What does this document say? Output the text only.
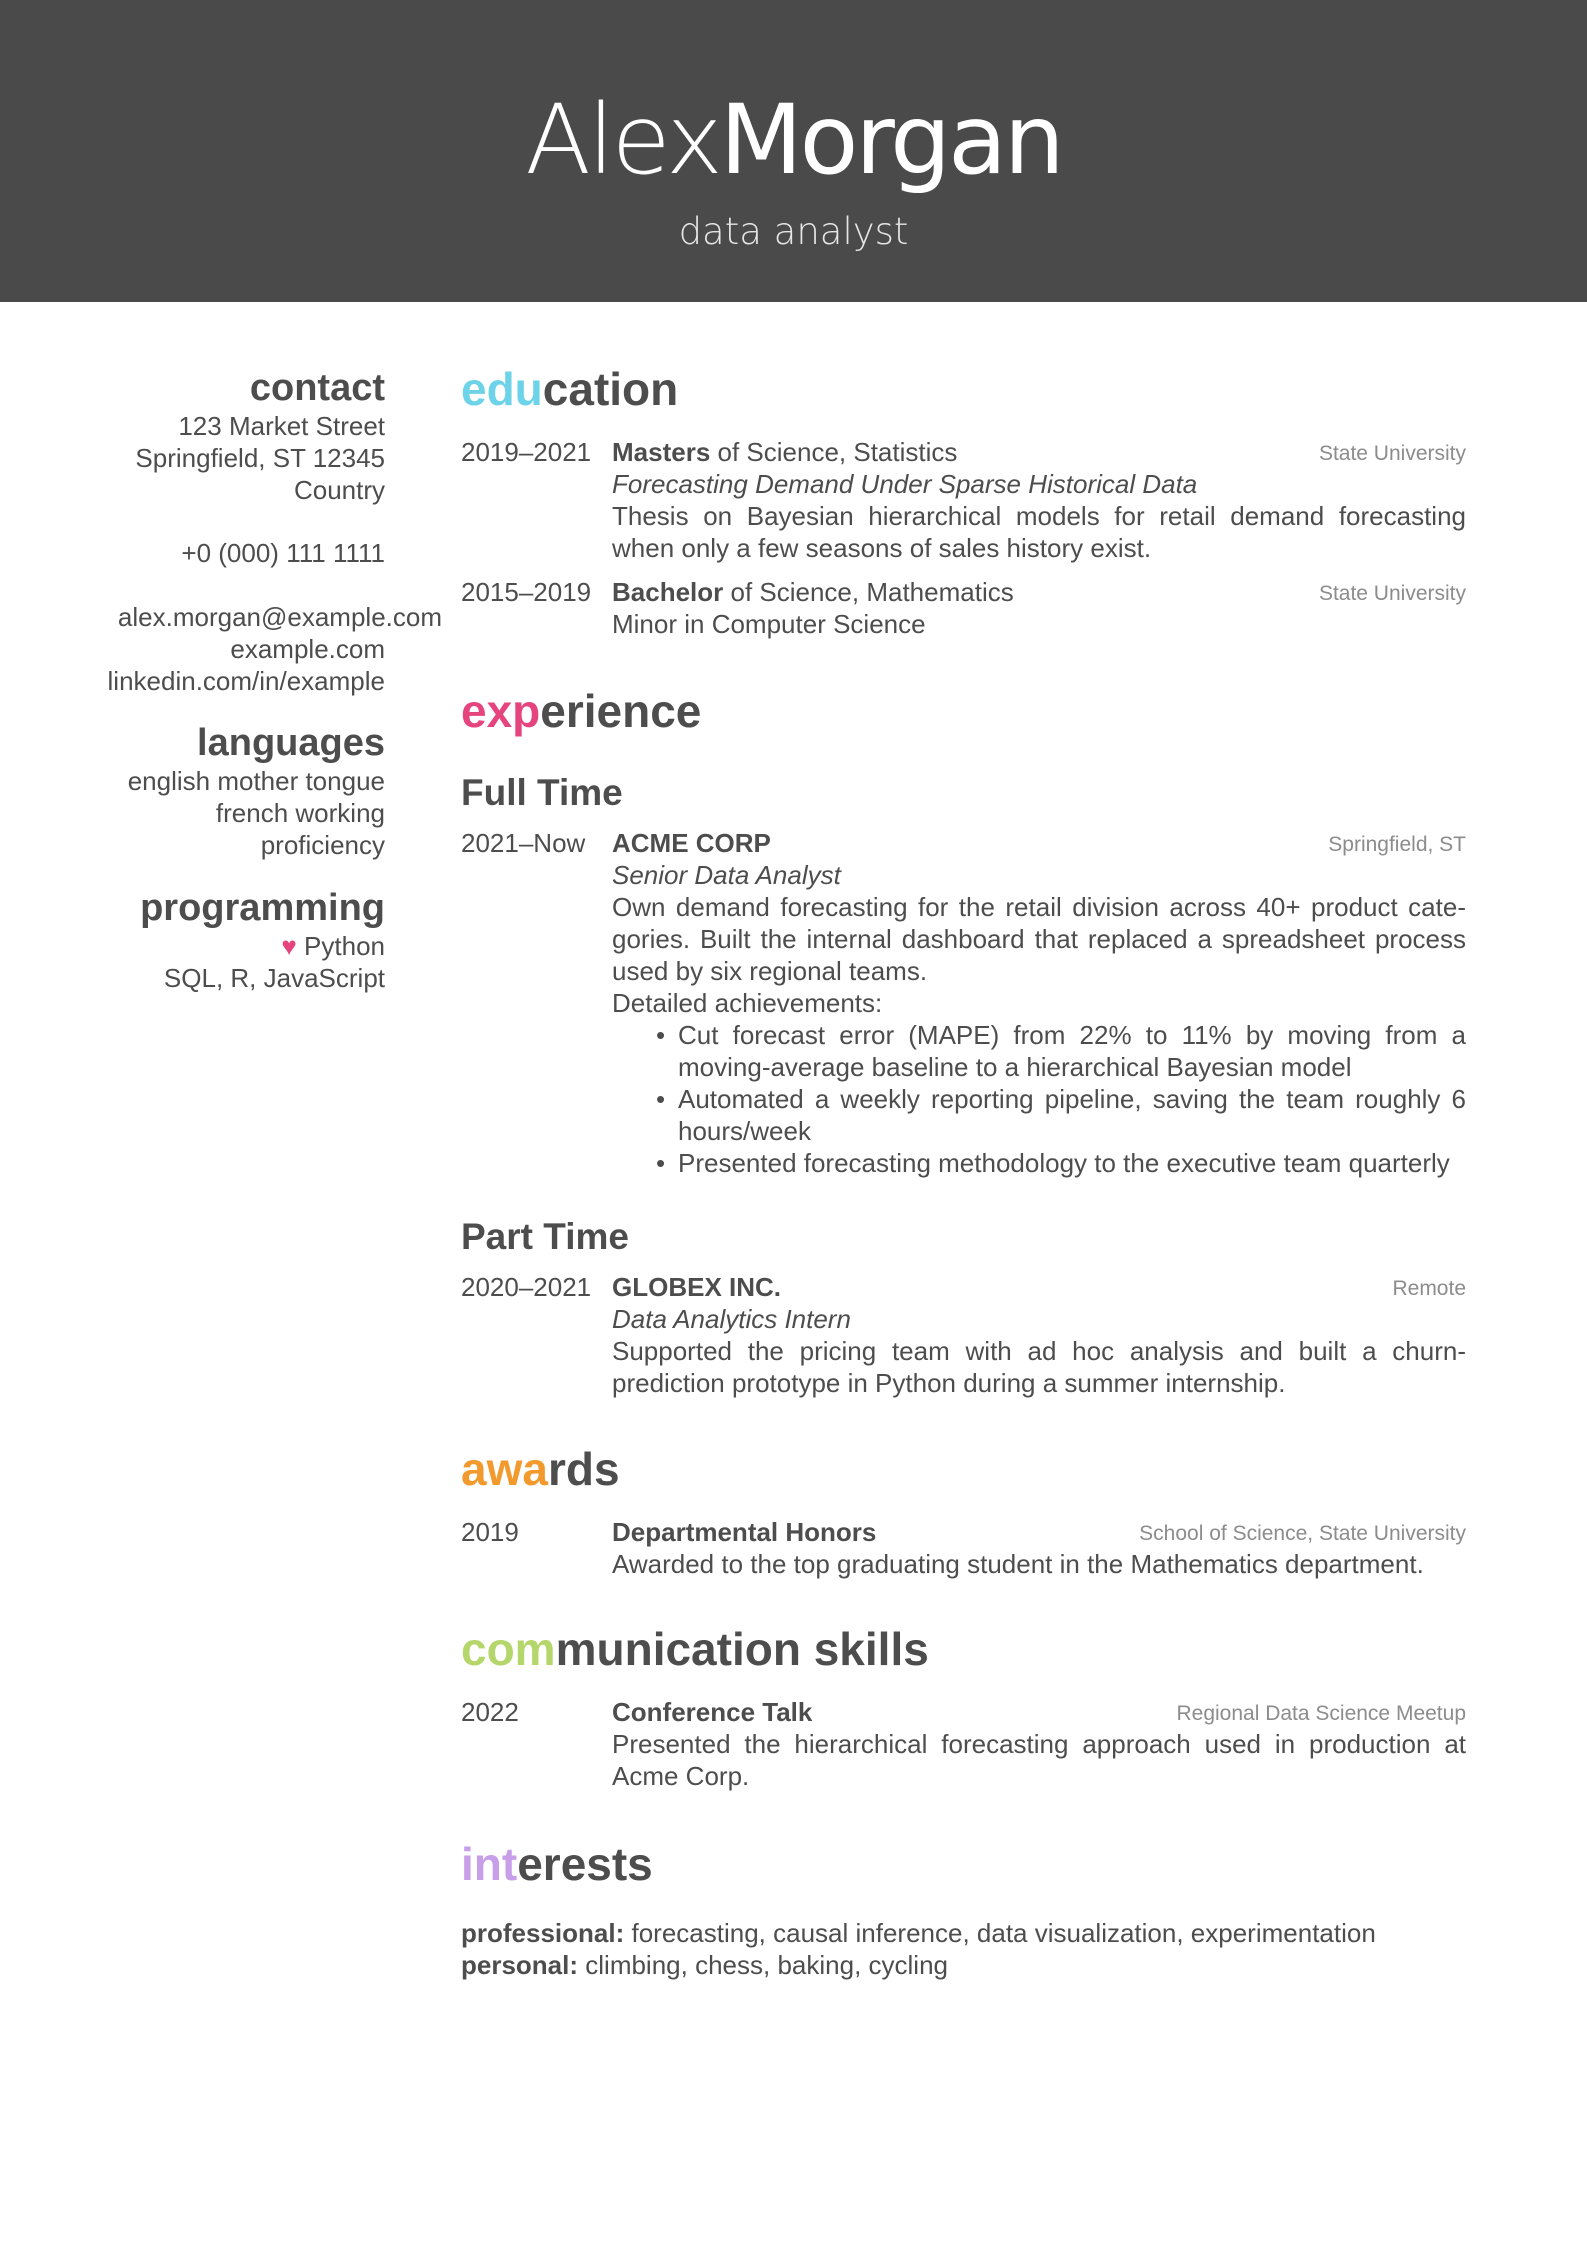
AlexMorgan
data analyst
contact
123 Market Street
Springfield, ST 12345
Country
+0 (000) 111 1111
alex.morgan@example.com
example.com
linkedin.com/in/example
languages
english mother tongue
french working
proficiency
programming
♥ Python
SQL, R, JavaScript
education
2019–2021 Masters of Science, Statistics
Forecasting Demand Under Sparse Historical Data
Thesis on Bayesian hierarchical models for retail demand forecasting when only a few seasons of sales history exist.
State University
2015–2019 Bachelor of Science, Mathematics
Minor in Computer Science
State University
experience
Full Time
2021–Now ACME CORP
Senior Data Analyst
Own demand forecasting for the retail division across 40+ product categories. Built the internal dashboard that replaced a spreadsheet process used by six regional teams.
Detailed achievements:
• Cut forecast error (MAPE) from 22% to 11% by moving from a moving-average baseline to a hierarchical Bayesian model
• Automated a weekly reporting pipeline, saving the team roughly 6 hours/week
• Presented forecasting methodology to the executive team quarterly
Springfield, ST
Part Time
2020–2021 GLOBEX INC.
Data Analytics Intern
Supported the pricing team with ad hoc analysis and built a churn-prediction prototype in Python during a summer internship.
Remote
awards
2019	Departmental Honors
Awarded to the top graduating student in the Mathematics department.
School of Science, State University
communication skills
2022	Conference Talk
Presented the hierarchical forecasting approach used in production at Acme Corp.
Regional Data Science Meetup
interests
professional: forecasting, causal inference, data visualization, experimentation
personal: climbing, chess, baking, cycling
